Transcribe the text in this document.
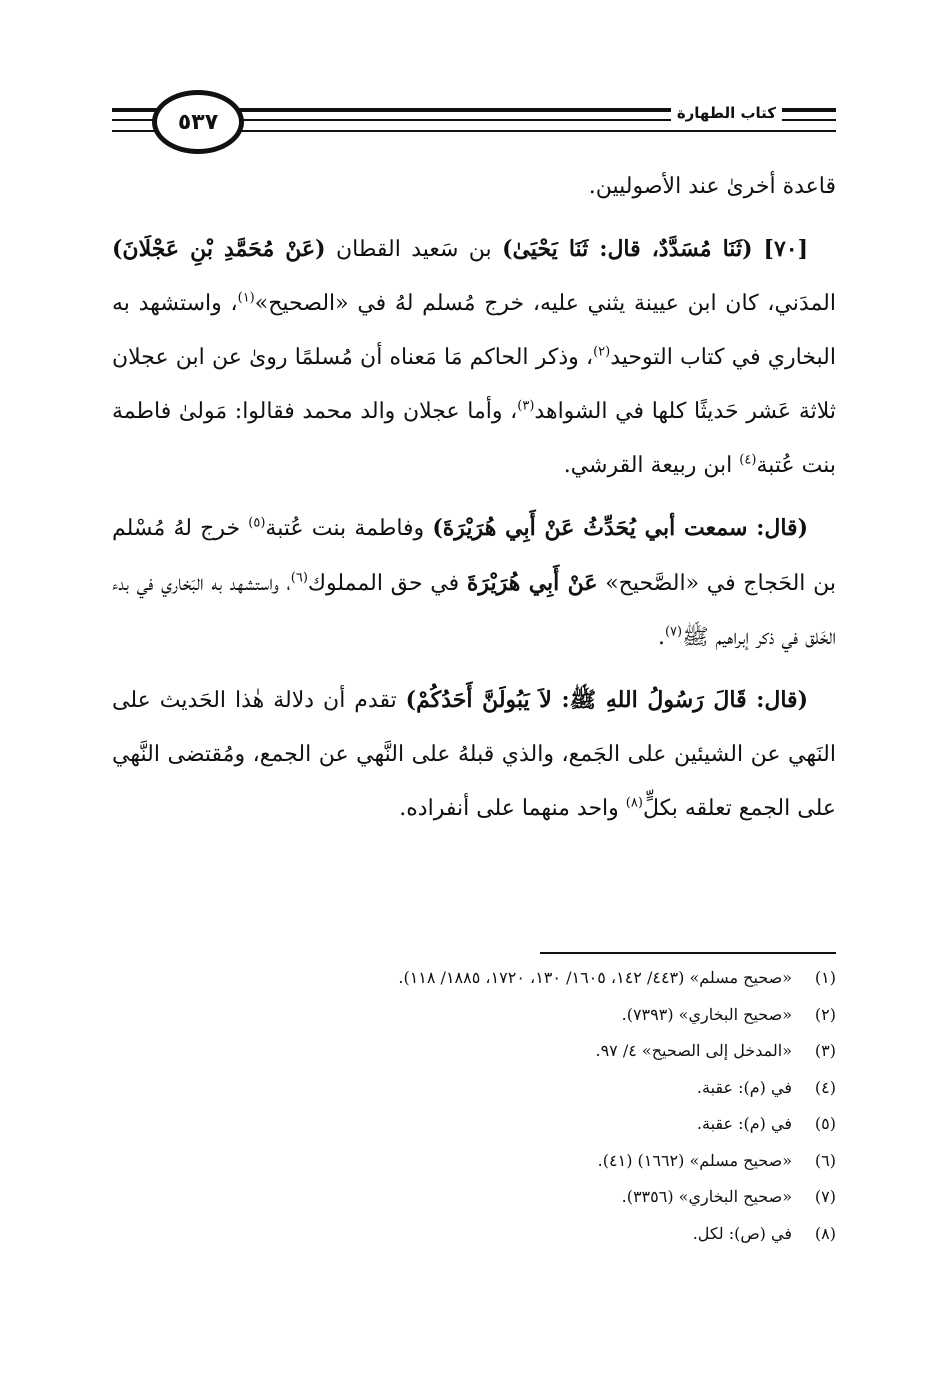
٥٣٧	كتاب الطهارة

قاعدة أخرىٰ عند الأصوليين.

[٧٠] (ثَنَا مُسَدَّدٌ، قال: ثَنَا يَحْيَىٰ) بن سَعيد القطان (عَنْ مُحَمَّدِ بْنِ عَجْلَانَ) المدَني، كان ابن عيينة يثني عليه، خرج مُسلم لهُ في «الصحيح»$^{(١)}$، واستشهد به البخاري في كتاب التوحيد$^{(٢)}$، وذكر الحاكم مَا مَعناه أن مُسلمًا روىٰ عن ابن عجلان ثلاثة عَشر حَديثًا كلها في الشواهد$^{(٣)}$، وأما عجلان والد محمد فقالوا: مَولىٰ فاطمة بنت عُتبة$^{(٤)}$ ابن ربيعة القرشي.

(قال: سمعت أبي يُحَدِّثُ عَنْ أَبِي هُرَيْرَةَ) وفاطمة بنت عُتبة$^{(٥)}$ خرج لهُ مُسْلم بن الحَجاج في «الصَّحيح» عَنْ أَبِي هُرَيْرَةَ في حق المملوك$^{(٦)}$، واستشهد به البَخاري في بدء الخَلق في ذكر إبراهيم ﷺ$^{(٧)}$.

(قال: قَالَ رَسُولُ اللهِ ﷺ: لاَ يَبُولَنَّ أَحَدُكُمْ) تقدم أن دلالة هٰذا الحَديث على النَهي عن الشيئين على الجَمع، والذي قبلهُ على النَّهي عن الجمع، ومُقتضى النَّهي على الجمع تعلقه بكلٍّ$^{(٨)}$ واحد منهما على أنفراده.

(١)«صحيح مسلم» (٤٤٣/ ١٤٢، ١٦٠٥/ ١٣٠، ١٧٢٠، ١٨٨٥/ ١١٨).
(٢)«صحيح البخاري» (٧٣٩٣).
(٣)«المدخل إلى الصحيح» ٤/ ٩٧.
(٤)في (م): عقبة.
(٥)في (م): عقبة.
(٦)«صحيح مسلم» (١٦٦٢) (٤١).
(٧)«صحيح البخاري» (٣٣٥٦).
(٨)في (ص): لكل.
